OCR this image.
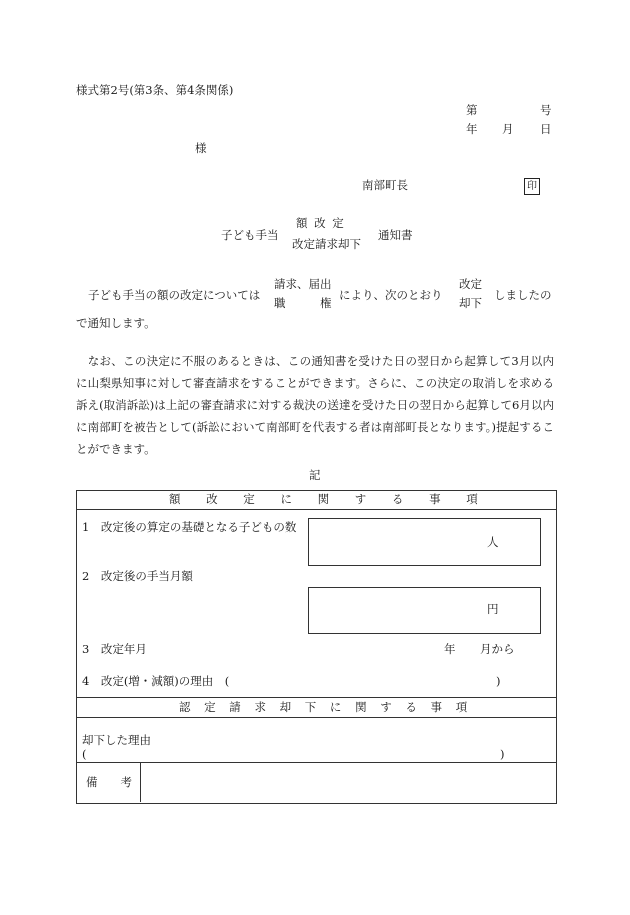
様式第2号(第3条、第4条関係)
第	号
年 月 日
様
南部町長	印
子ども手当
額 改 定
改定請求却下
通知書
子ども手当の額の改定については
請求、届出
職　　　権
により、次のとおり
改定
却下
しましたの
で通知します。
　なお、この決定に不服のあるときは、この通知書を受けた日の翌日から起算して3月以内に山梨県知事に対して審査請求をすることができます。さらに、この決定の取消しを求める訴え(取消訴訟)は上記の審査請求に対する裁決の送達を受けた日の翌日から起算して6月以内に南部町を被告として(訴訟において南部町を代表する者は南部町長となります。)提起することができます。
記
額 改 定 に 関 す る 事 項
1　改定後の算定の基礎となる子どもの数
人
2　改定後の手当月額
円
3　改定年月	年 月から
4　改定(増・減額)の理由　(	)
認 定 請 求 却 下 に 関 す る 事 項
却下した理由
(	)
備　　考
